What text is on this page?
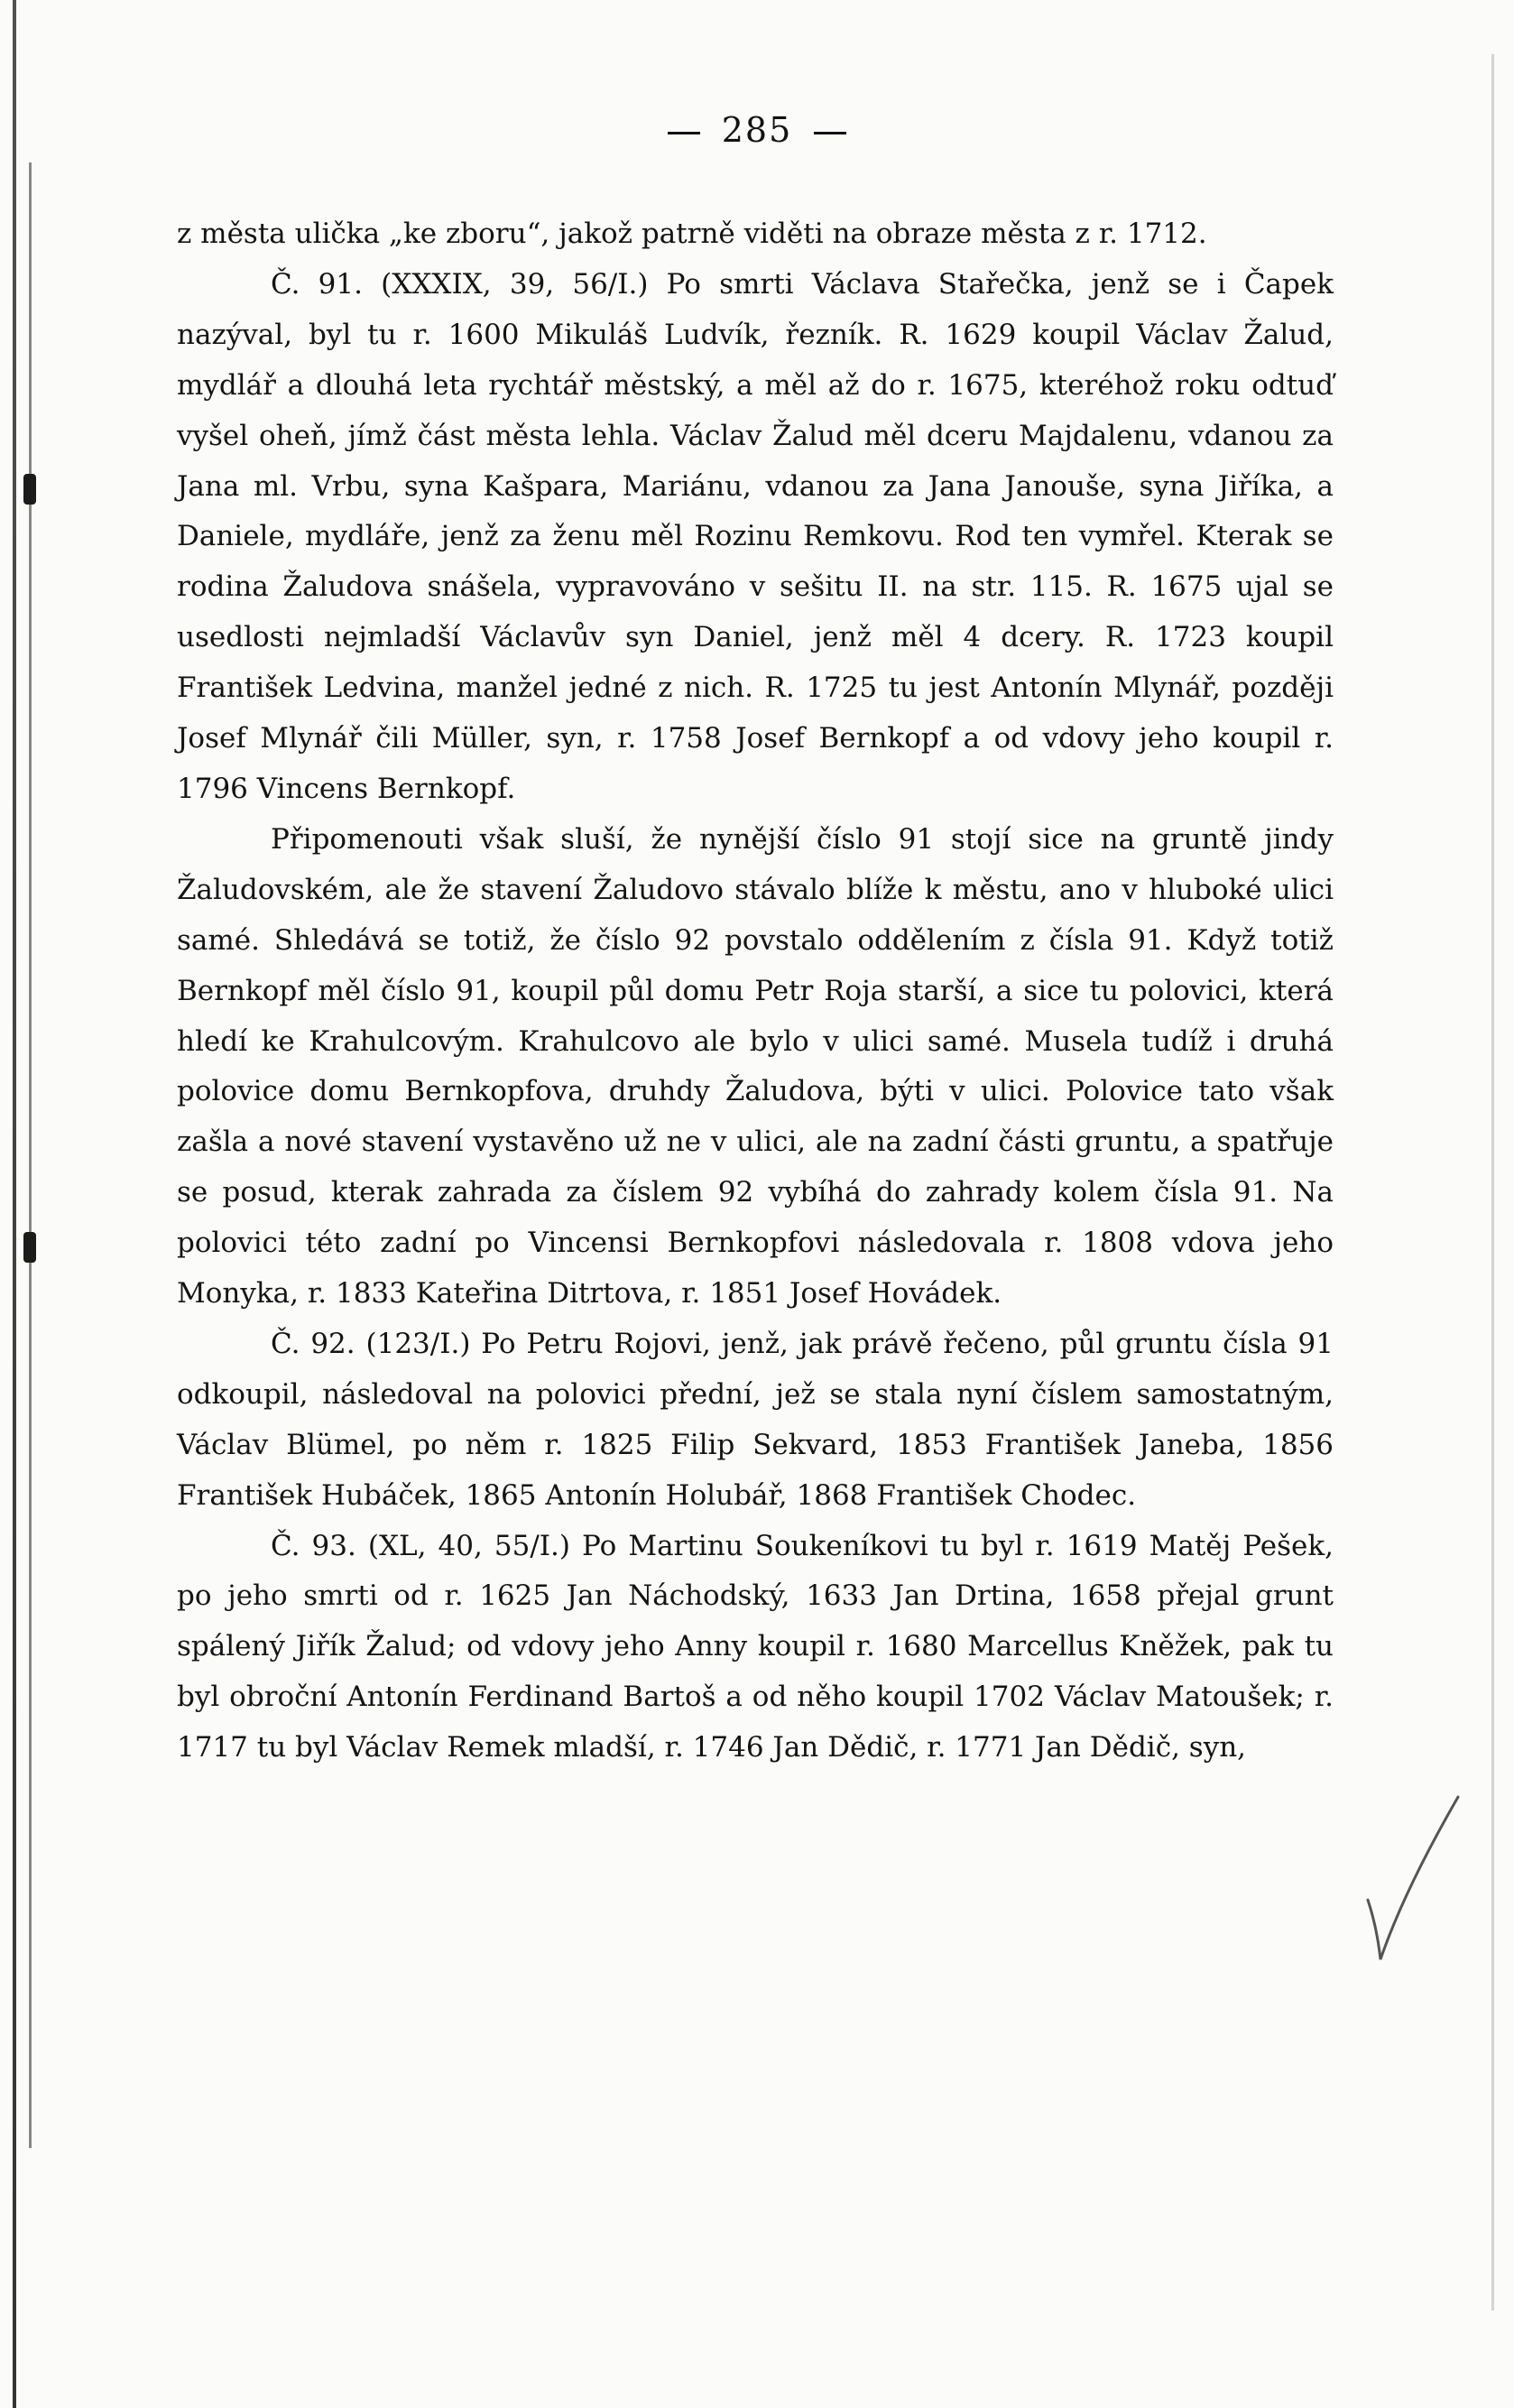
285

z města ulička „ke zboru“, jakož patrně viděti na obraze města z r. 1712.

Č. 91. (XXXIX, 39, 56/I.) Po smrti Václava Stařečka, jenž se i Čapek nazýval, byl tu r. 1600 Mikuláš Ludvík, řezník. R. 1629 koupil Václav Žalud, mydlář a dlouhá leta rychtář městský, a měl až do r. 1675, kteréhož roku odtuď vyšel oheň, jímž část města lehla. Václav Žalud měl dceru Majdalenu, vdanou za Jana ml. Vrbu, syna Kašpara, Mariánu, vdanou za Jana Janouše, syna Jiříka, a Daniele, mydláře, jenž za ženu měl Rozinu Remkovu. Rod ten vymřel. Kterak se rodina Žaludova snášela, vypravováno v sešitu II. na str. 115. R. 1675 ujal se usedlosti nejmladší Václavův syn Daniel, jenž měl 4 dcery. R. 1723 koupil František Ledvina, manžel jedné z nich. R. 1725 tu jest Antonín Mlynář, později Josef Mlynář čili Müller, syn, r. 1758 Josef Bernkopf a od vdovy jeho koupil r. 1796 Vincens Bernkopf.

Připomenouti však sluší, že nynější číslo 91 stojí sice na gruntě jindy Žaludovském, ale že stavení Žaludovo stávalo blíže k městu, ano v hluboké ulici samé. Shledává se totiž, že číslo 92 povstalo oddělením z čísla 91. Když totiž Bernkopf měl číslo 91, koupil půl domu Petr Roja starší, a sice tu polovici, která hledí ke Krahulcovým. Krahulcovo ale bylo v ulici samé. Musela tudíž i druhá polovice domu Bernkopfova, druhdy Žaludova, býti v ulici. Polovice tato však zašla a nové stavení vystavěno už ne v ulici, ale na zadní části gruntu, a spatřuje se posud, kterak zahrada za číslem 92 vybíhá do zahrady kolem čísla 91. Na polovici této zadní po Vincensi Bernkopfovi následovala r. 1808 vdova jeho Monyka, r. 1833 Kateřina Ditrtova, r. 1851 Josef Hovádek.

Č. 92. (123/I.) Po Petru Rojovi, jenž, jak právě řečeno, půl gruntu čísla 91 odkoupil, následoval na polovici přední, jež se stala nyní číslem samostatným, Václav Blümel, po něm r. 1825 Filip Sekvard, 1853 František Janeba, 1856 František Hubáček, 1865 Antonín Holubář, 1868 František Chodec.

Č. 93. (XL, 40, 55/I.) Po Martinu Soukeníkovi tu byl r. 1619 Matěj Pešek, po jeho smrti od r. 1625 Jan Náchodský, 1633 Jan Drtina, 1658 přejal grunt spálený Jiřík Žalud; od vdovy jeho Anny koupil r. 1680 Marcellus Kněžek, pak tu byl obroční Antonín Ferdinand Bartoš a od něho koupil 1702 Václav Matoušek; r. 1717 tu byl Václav Remek mladší, r. 1746 Jan Dědič, r. 1771 Jan Dědič, syn,
